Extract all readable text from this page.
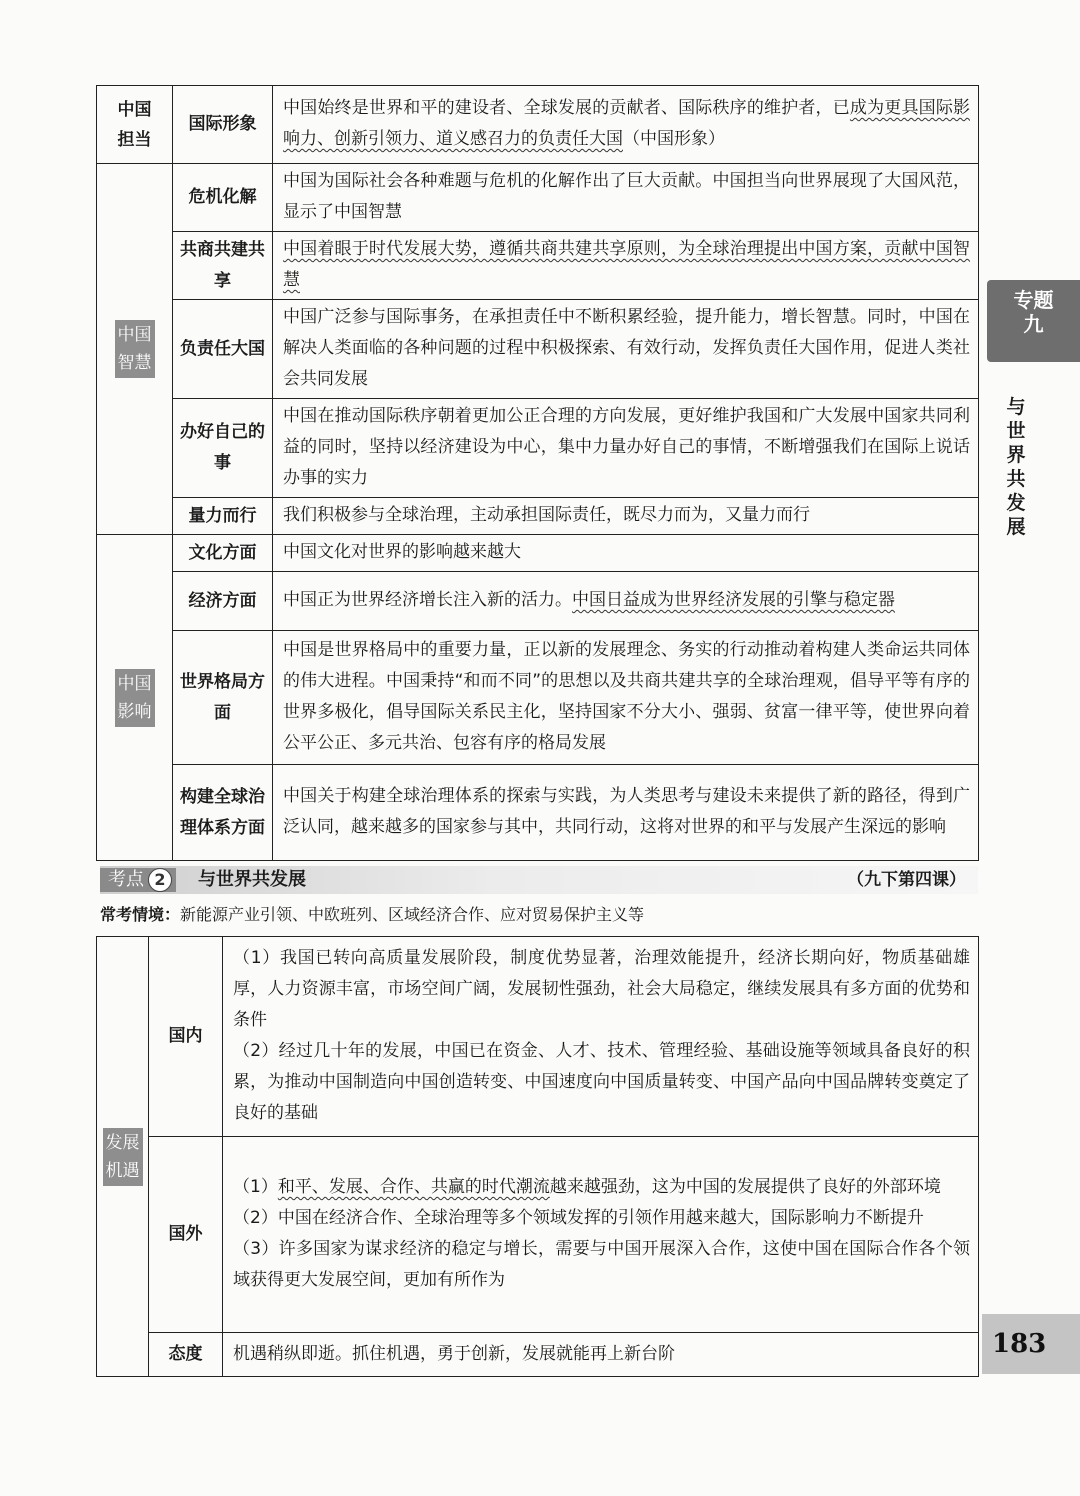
中国担当	国际形象	中国始终是世界和平的建设者、全球发展的贡献者、国际秩序的维护者，已成为更具国际影响力、创新引领力、道义感召力的负责任大国（中国形象）
中国智慧	危机化解	中国为国际社会各种难题与危机的化解作出了巨大贡献。中国担当向世界展现了大国风范，显示了中国智慧
	共商共建共享	中国着眼于时代发展大势，遵循共商共建共享原则，为全球治理提出中国方案，贡献中国智慧
	负责任大国	中国广泛参与国际事务，在承担责任中不断积累经验，提升能力，增长智慧。同时，中国在解决人类面临的各种问题的过程中积极探索、有效行动，发挥负责任大国作用，促进人类社会共同发展
	办好自己的事	中国在推动国际秩序朝着更加公正合理的方向发展，更好维护我国和广大发展中国家共同利益的同时，坚持以经济建设为中心，集中力量办好自己的事情，不断增强我们在国际上说话办事的实力
	量力而行	我们积极参与全球治理，主动承担国际责任，既尽力而为，又量力而行
中国影响	文化方面	中国文化对世界的影响越来越大
	经济方面	中国正为世界经济增长注入新的活力。中国日益成为世界经济发展的引擎与稳定器
	世界格局方面	中国是世界格局中的重要力量，正以新的发展理念、务实的行动推动着构建人类命运共同体的伟大进程。中国秉持“和而不同”的思想以及共商共建共享的全球治理观，倡导平等有序的世界多极化，倡导国际关系民主化，坚持国家不分大小、强弱、贫富一律平等，使世界向着公平公正、多元共治、包容有序的格局发展
	构建全球治理体系方面	中国关于构建全球治理体系的探索与实践，为人类思考与建设未来提供了新的路径，得到广泛认同，越来越多的国家参与其中，共同行动，这将对世界的和平与发展产生深远的影响
考点 2	与世界共发展	（九下第四课）
常考情境：新能源产业引领、中欧班列、区域经济合作、应对贸易保护主义等
发展机遇	国内	（1）我国已转向高质量发展阶段，制度优势显著，治理效能提升，经济长期向好，物质基础雄厚，人力资源丰富，市场空间广阔，发展韧性强劲，社会大局稳定，继续发展具有多方面的优势和条件
（2）经过几十年的发展，中国已在资金、人才、技术、管理经验、基础设施等领域具备良好的积累，为推动中国制造向中国创造转变、中国速度向中国质量转变、中国产品向中国品牌转变奠定了良好的基础

	国外	（1）和平、发展、合作、共赢的时代潮流越来越强劲，这为中国的发展提供了良好的外部环境
（2）中国在经济合作、全球治理等多个领域发挥的引领作用越来越大，国际影响力不断提升
（3）许多国家为谋求经济的稳定与增长，需要与中国开展深入合作，这使中国在国际合作各个领域获得更大发展空间，更加有所作为

	态度	机遇稍纵即逝。抓住机遇，勇于创新，发展就能再上新台阶
专题
九
与世界共发展
183
